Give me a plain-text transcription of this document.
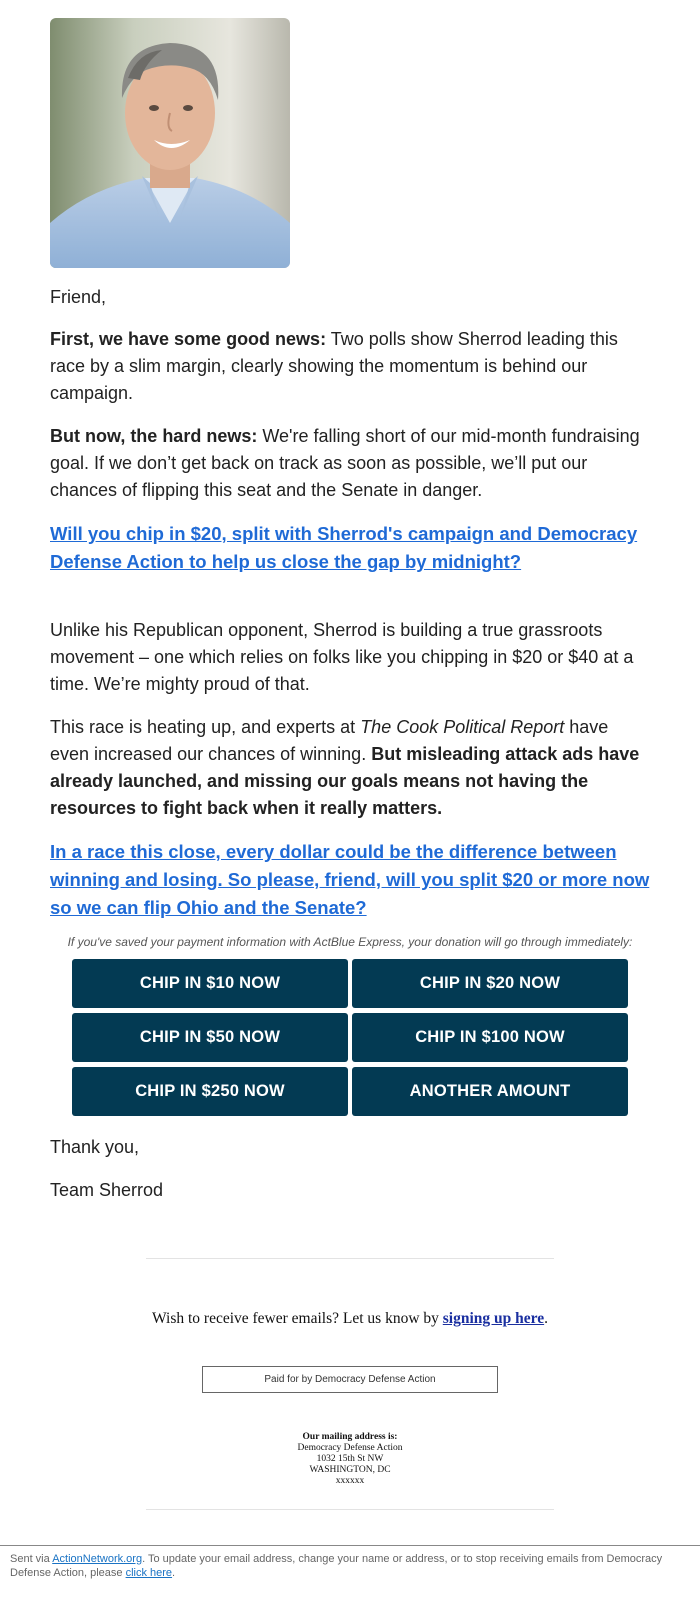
Friend,

First, we have some good news: Two polls show Sherrod leading this race by a slim margin, clearly showing the momentum is behind our campaign.

But now, the hard news: We're falling short of our mid-month fundraising goal. If we don’t get back on track as soon as possible, we’ll put our chances of flipping this seat and the Senate in danger.

Will you chip in $20, split with Sherrod's campaign and Democracy Defense Action to help us close the gap by midnight?

Unlike his Republican opponent, Sherrod is building a true grassroots movement – one which relies on folks like you chipping in $20 or $40 at a time. We’re mighty proud of that.

This race is heating up, and experts at The Cook Political Report have even increased our chances of winning. But misleading attack ads have already launched, and missing our goals means not having the resources to fight back when it really matters.

In a race this close, every dollar could be the difference between winning and losing. So please, friend, will you split $20 or more now so we can flip Ohio and the Senate?

If you've saved your payment information with ActBlue Express, your donation will go through immediately:
CHIP IN $10 NOW	CHIP IN $20 NOW
CHIP IN $50 NOW	CHIP IN $100 NOW
CHIP IN $250 NOW	ANOTHER AMOUNT
Thank you,
Team Sherrod
Wish to receive fewer emails? Let us know by signing up here.
Paid for by Democracy Defense Action
Our mailing address is:
Democracy Defense Action
1032 15th St NW
WASHINGTON, DC
xxxxxx
Sent via ActionNetwork.org. To update your email address, change your name or address, or to stop receiving emails from Democracy Defense Action, please click here.
